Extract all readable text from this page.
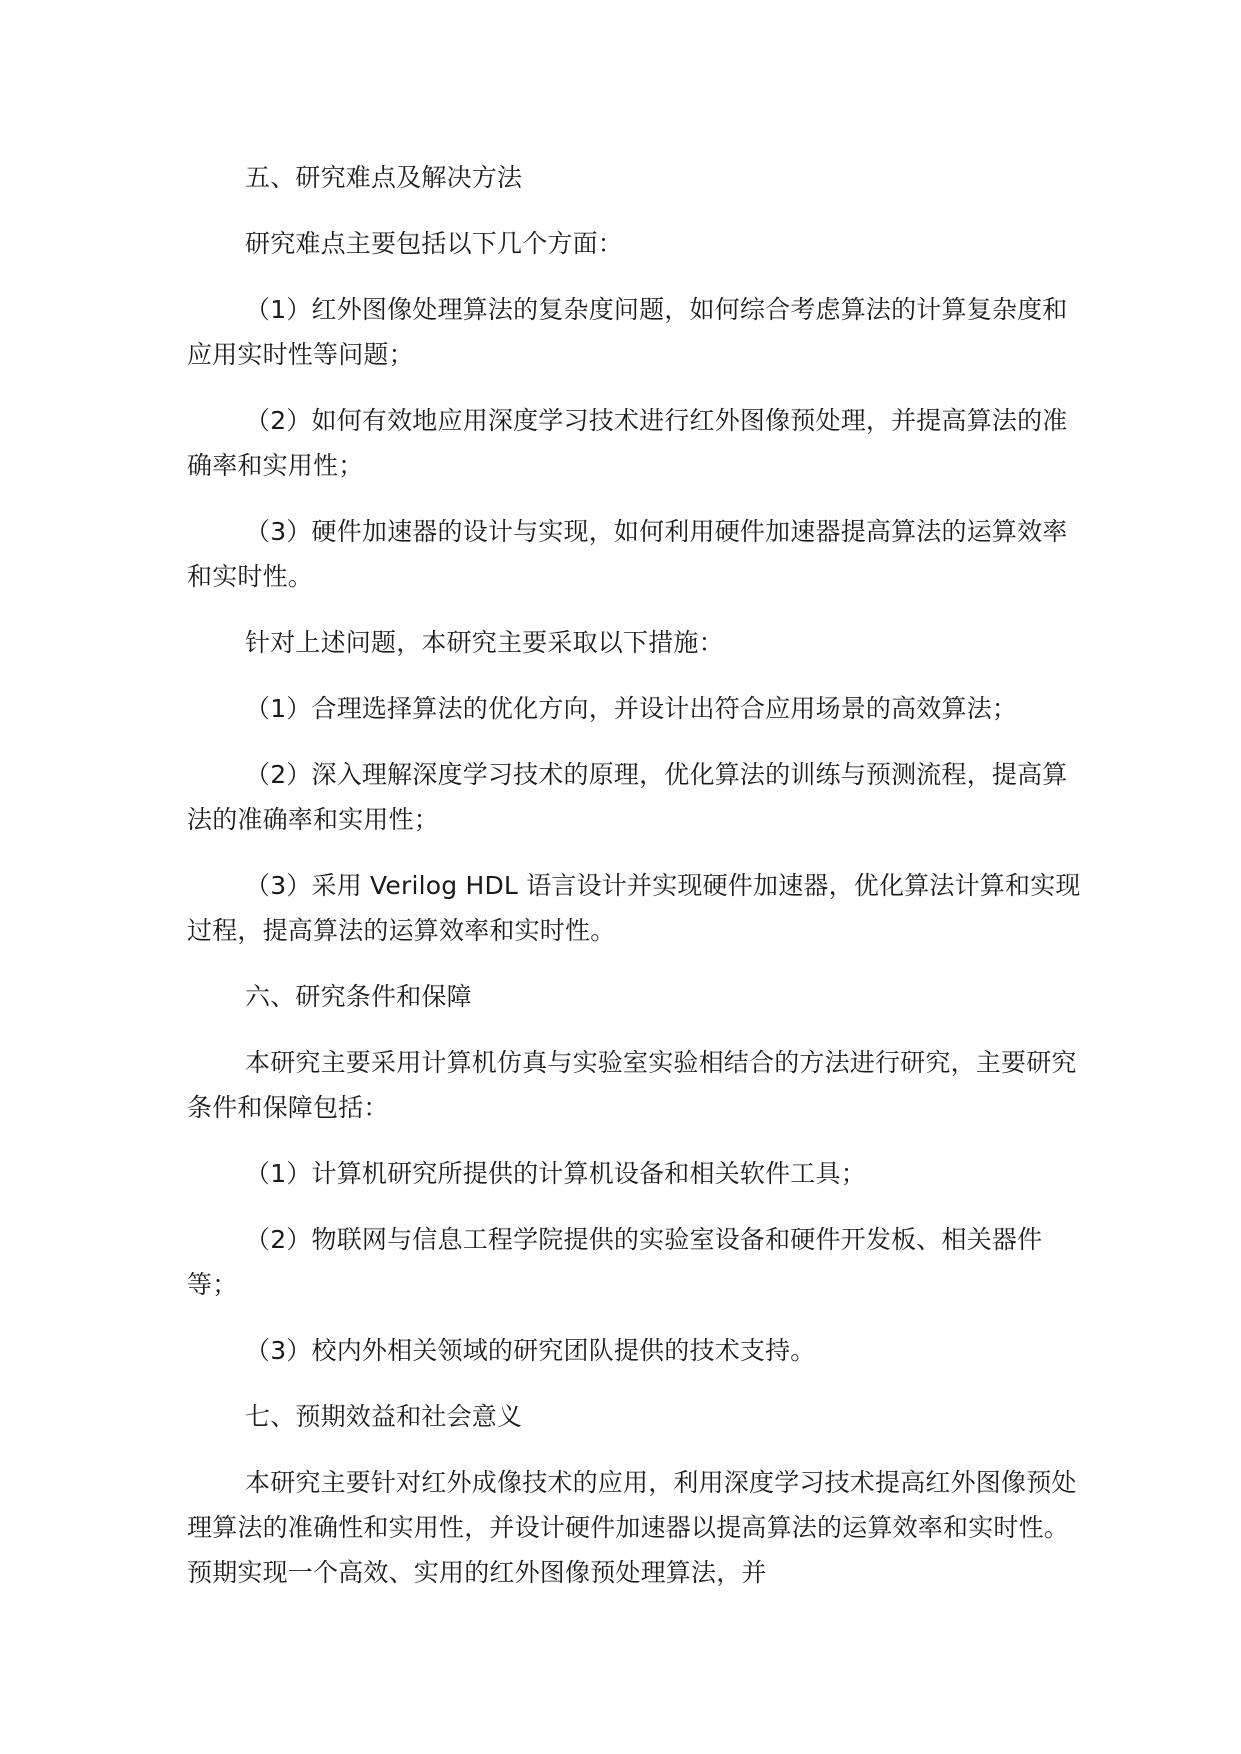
五、研究难点及解决方法

研究难点主要包括以下几个方面：

（1）红外图像处理算法的复杂度问题，如何综合考虑算法的计算复杂度和应用实时性等问题；

（2）如何有效地应用深度学习技术进行红外图像预处理，并提高算法的准确率和实用性；

（3）硬件加速器的设计与实现，如何利用硬件加速器提高算法的运算效率和实时性。

针对上述问题，本研究主要采取以下措施：

（1）合理选择算法的优化方向，并设计出符合应用场景的高效算法；

（2）深入理解深度学习技术的原理，优化算法的训练与预测流程，提高算法的准确率和实用性；

（3）采用 Verilog HDL 语言设计并实现硬件加速器，优化算法计算和实现过程，提高算法的运算效率和实时性。

六、研究条件和保障

本研究主要采用计算机仿真与实验室实验相结合的方法进行研究，主要研究条件和保障包括：

（1）计算机研究所提供的计算机设备和相关软件工具；

（2）物联网与信息工程学院提供的实验室设备和硬件开发板、相关器件等；

（3）校内外相关领域的研究团队提供的技术支持。

七、预期效益和社会意义

本研究主要针对红外成像技术的应用，利用深度学习技术提高红外图像预处理算法的准确性和实用性，并设计硬件加速器以提高算法的运算效率和实时性。预期实现一个高效、实用的红外图像预处理算法，并
